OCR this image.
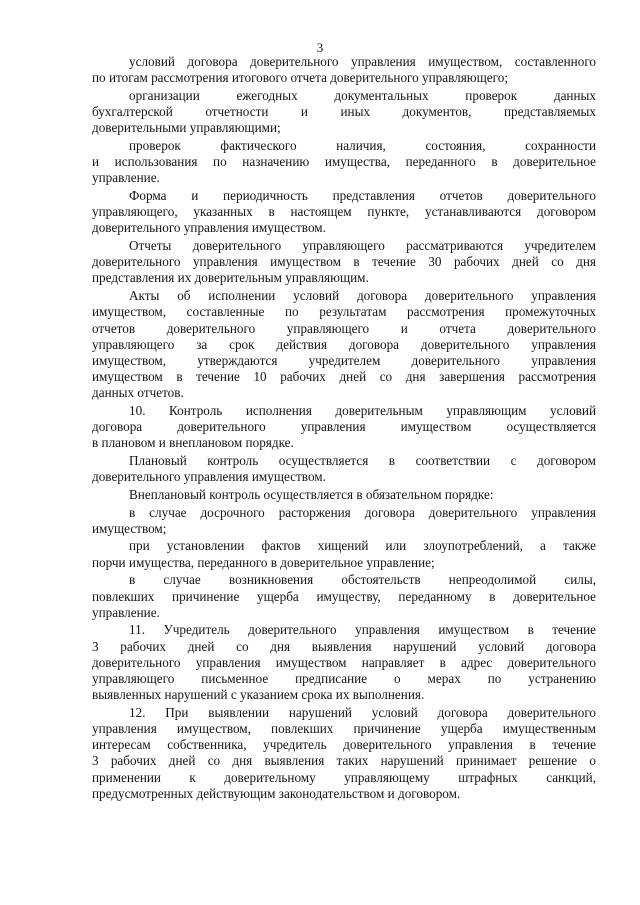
3
условий договора доверительного управления имуществом, составленного
по итогам рассмотрения итогового отчета доверительного управляющего;
организации ежегодных документальных проверок данных
бухгалтерской отчетности и иных документов, представляемых
доверительными управляющими;
проверок фактического наличия, состояния, сохранности
и использования по назначению имущества, переданного в доверительное
управление.
Форма и периодичность представления отчетов доверительного
управляющего, указанных в настоящем пункте, устанавливаются договором
доверительного управления имуществом.
Отчеты доверительного управляющего рассматриваются учредителем
доверительного управления имуществом в течение 30 рабочих дней со дня
представления их доверительным управляющим.
Акты об исполнении условий договора доверительного управления
имуществом, составленные по результатам рассмотрения промежуточных
отчетов доверительного управляющего и отчета доверительного
управляющего за срок действия договора доверительного управления
имуществом, утверждаются учредителем доверительного управления
имуществом в течение 10 рабочих дней со дня завершения рассмотрения
данных отчетов.
10. Контроль исполнения доверительным управляющим условий
договора доверительного управления имуществом осуществляется
в плановом и внеплановом порядке.
Плановый контроль осуществляется в соответствии с договором
доверительного управления имуществом.
Внеплановый контроль осуществляется в обязательном порядке:
в случае досрочного расторжения договора доверительного управления
имуществом;
при установлении фактов хищений или злоупотреблений, а также
порчи имущества, переданного в доверительное управление;
в случае возникновения обстоятельств непреодолимой силы,
повлекших причинение ущерба имуществу, переданному в доверительное
управление.
11. Учредитель доверительного управления имуществом в течение
3 рабочих дней со дня выявления нарушений условий договора
доверительного управления имуществом направляет в адрес доверительного
управляющего письменное предписание о мерах по устранению
выявленных нарушений с указанием срока их выполнения.
12. При выявлении нарушений условий договора доверительного
управления имуществом, повлекших причинение ущерба имущественным
интересам собственника, учредитель доверительного управления в течение
3 рабочих дней со дня выявления таких нарушений принимает решение о
применении к доверительному управляющему штрафных санкций,
предусмотренных действующим законодательством и договором.
